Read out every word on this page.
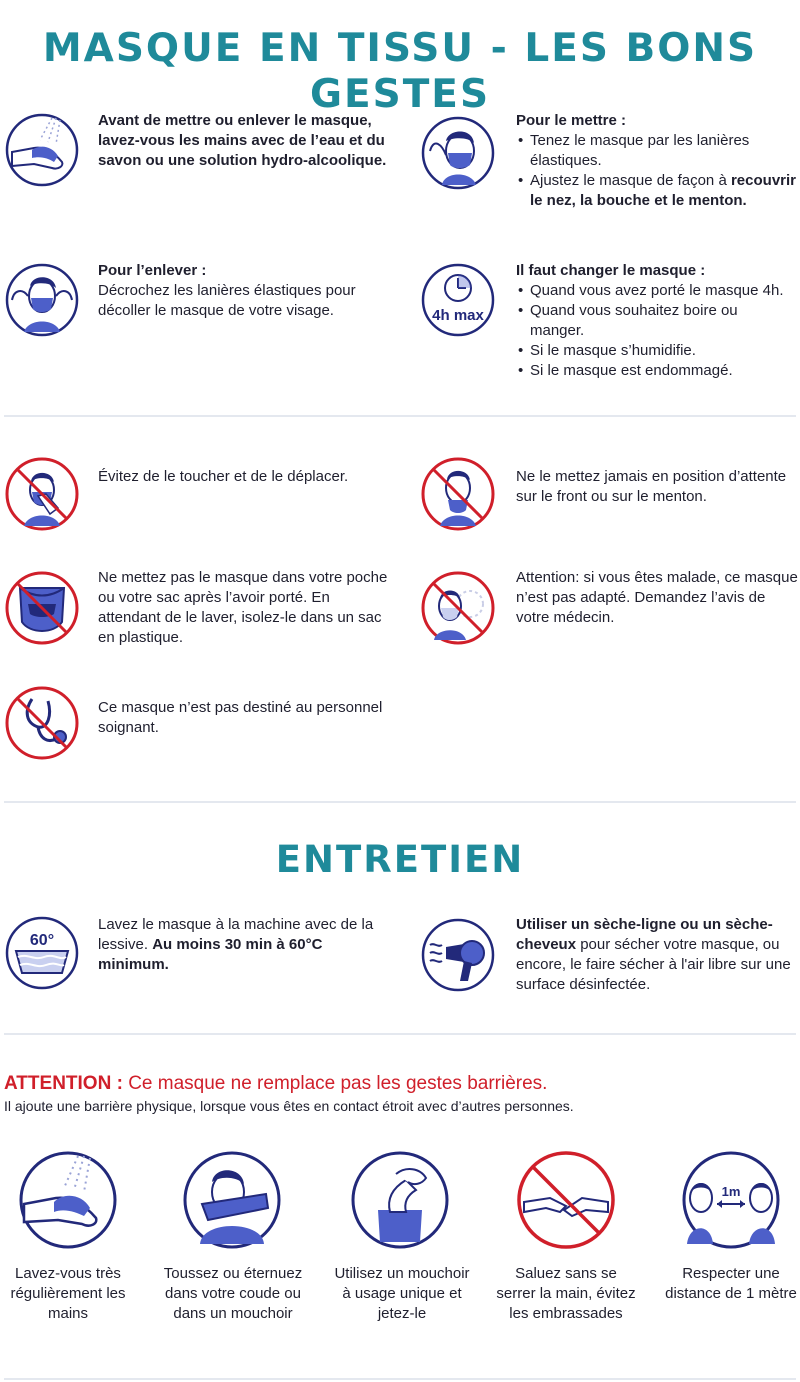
MASQUE EN TISSU - LES BONS GESTES
Avant de mettre ou enlever le masque, lavez-vous les mains avec de l’eau et du savon ou une solution hydro-alcoolique.
Pour le mettre :
• Tenez le masque par les lanières élastiques.
• Ajustez le masque de façon à recouvrir le nez, la bouche et le menton.
Pour l’enlever :
Décrochez les lanières élastiques pour décoller le masque de votre visage.	4h max
Il faut changer le masque :
• Quand vous avez porté le masque 4h.
• Quand vous souhaitez boire ou manger.
• Si le masque s’humidifie.
• Si le masque est endommagé.
Évitez de le toucher et de le déplacer.	Ne le mettez jamais en position d’attente sur le front ou sur le menton.
Ne mettez pas le masque dans votre poche ou votre sac après l’avoir porté. En attendant de le laver, isolez-le dans un sac en plastique.
Attention: si vous êtes malade, ce masque n’est pas adapté. Demandez l’avis de votre médecin.
Ce masque n’est pas destiné au personnel soignant.
ENTRETIEN
60°
Lavez le masque à la machine avec de la lessive. Au moins 30 min à 60°C minimum.
Utiliser un sèche-ligne ou un sèche-cheveux pour sécher votre masque, ou encore, le faire sécher à l'air libre sur une surface désinfectée.
ATTENTION : Ce masque ne remplace pas les gestes barrières.
Il ajoute une barrière physique, lorsque vous êtes en contact étroit avec d’autres personnes.
1m
Lavez-vous très régulièrement les mains
Toussez ou éternuez dans votre coude ou dans un mouchoir
Utilisez un mouchoir à usage unique et jetez-le
Saluez sans se serrer la main, évitez les embrassades
Respecter une distance de 1 mètre
